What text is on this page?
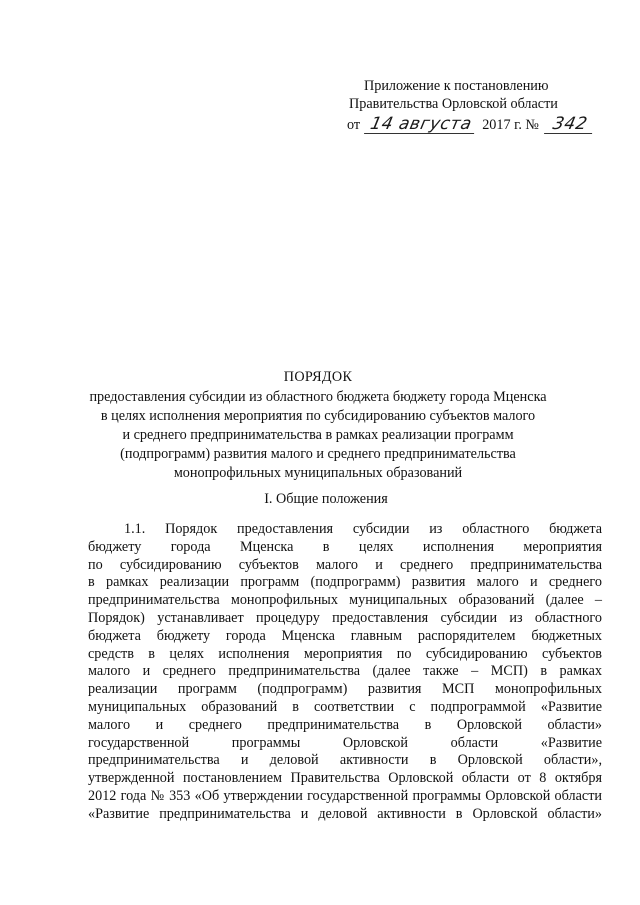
Приложение к постановлению
Правительства Орловской области
от 14 августа 2017 г. № 342
ПОРЯДОК
предоставления субсидии из областного бюджета бюджету города Мценска
в целях исполнения мероприятия по субсидированию субъектов малого
и среднего предпринимательства в рамках реализации программ
(подпрограмм) развития малого и среднего предпринимательства
монопрофильных муниципальных образований
I. Общие положения
1.1. Порядок предоставления субсидии из областного бюджета
бюджету города Мценска в целях исполнения мероприятия
по субсидированию субъектов малого и среднего предпринимательства
в рамках реализации программ (подпрограмм) развития малого и среднего
предпринимательства монопрофильных муниципальных образований (далее –
Порядок) устанавливает процедуру предоставления субсидии из областного
бюджета бюджету города Мценска главным распорядителем бюджетных
средств в целях исполнения мероприятия по субсидированию субъектов
малого и среднего предпринимательства (далее также – МСП) в рамках
реализации программ (подпрограмм) развития МСП монопрофильных
муниципальных образований в соответствии с подпрограммой «Развитие
малого и среднего предпринимательства в Орловской области»
государственной программы Орловской области «Развитие
предпринимательства и деловой активности в Орловской области»,
утвержденной постановлением Правительства Орловской области от 8 октября
2012 года № 353 «Об утверждении государственной программы Орловской области
«Развитие предпринимательства и деловой активности в Орловской области»
